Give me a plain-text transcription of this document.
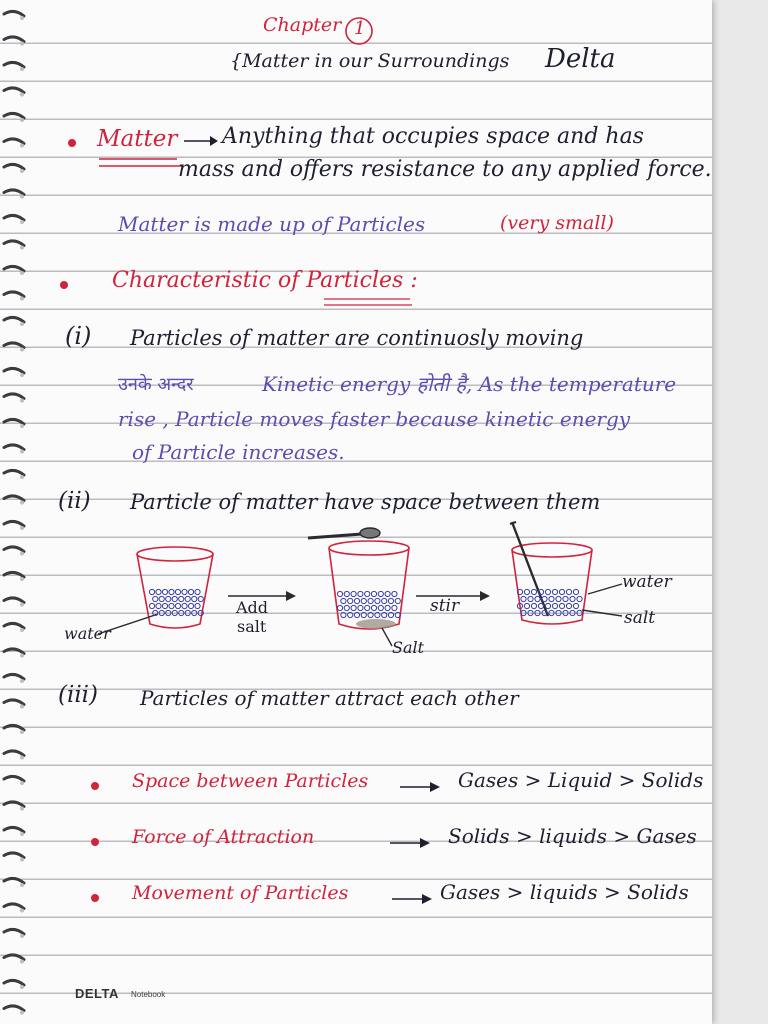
Chapter 1
{Matter in our Surroundings Delta
Matter Anything that occupies space and has
mass and offers resistance to any applied force.
Matter is made up of Particles	(very small)
Characteristic of Particles :
(i) Particles of matter are continuosly moving
उनके अन्दर	Kinetic energy होती है, As the temperature
rise , Particle moves faster because kinetic energy
of Particle increases.
(ii) Particle of matter have space between them
water
Add
salt
Salt
stir
water
salt
(iii) Particles of matter attract each other
Space between Particles	Gases > Liquid > Solids
Force of Attraction	Solids > liquids > Gases
Movement of Particles	Gases > liquids > Solids
DELTA Notebook
